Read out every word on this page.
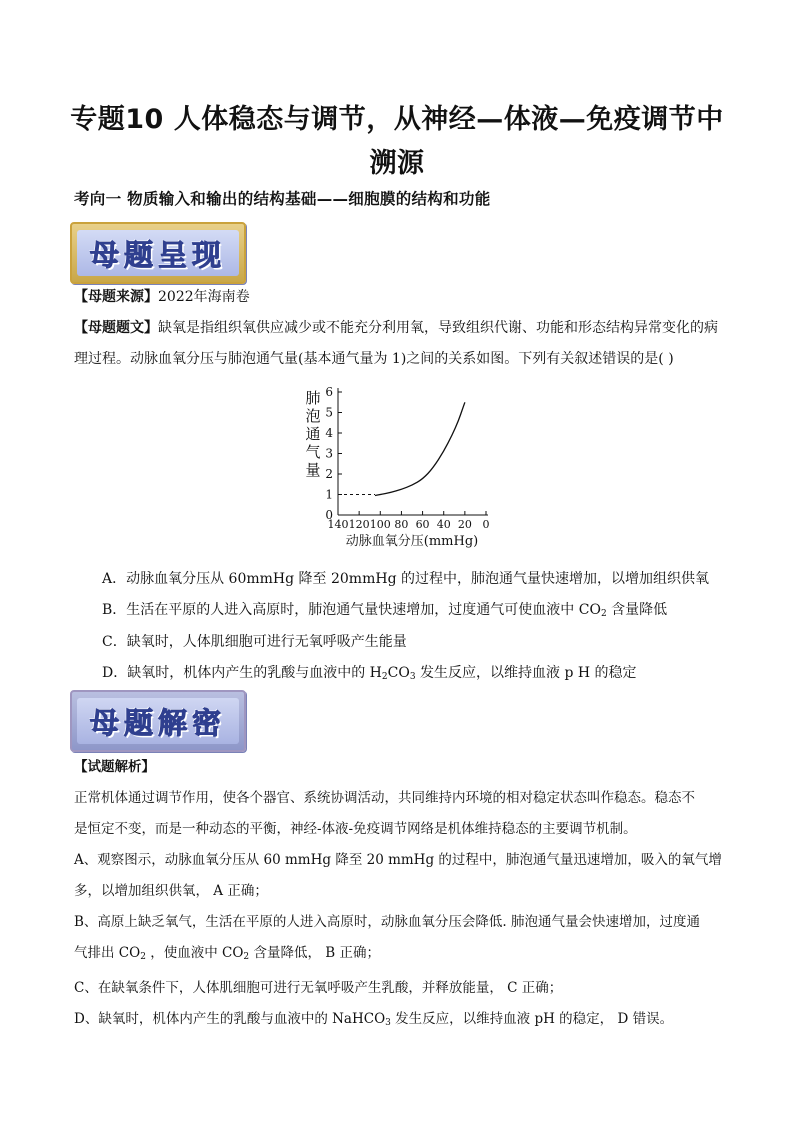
专题10 人体稳态与调节，从神经—体液—免疫调节中
溯源
考向一 物质输入和输出的结构基础——细胞膜的结构和功能
母题呈现
【母题来源】2022年海南卷
【母题题文】缺氧是指组织氧供应减少或不能充分利用氧，导致组织代谢、功能和形态结构异常变化的病
理过程。动脉血氧分压与肺泡通气量(基本通气量为 1)之间的关系如图。下列有关叙述错误的是( )
肺
泡
通
气
量
0
1
2
3
4
5
6
140 120 100 80 60 40 20 0
动脉血氧分压(mmHg)
A．动脉血氧分压从 60mmHg 降至 20mmHg 的过程中，肺泡通气量快速增加，以增加组织供氧
B．生活在平原的人进入高原时，肺泡通气量快速增加，过度通气可使血液中 $CO_2$ 含量降低
C．缺氧时，人体肌细胞可进行无氧呼吸产生能量
D．缺氧时，机体内产生的乳酸与血液中的 $H_2CO_3$ 发生反应，以维持血液 p H 的稳定
母题解密
【试题解析】
正常机体通过调节作用，使各个器官、系统协调活动，共同维持内环境的相对稳定状态叫作稳态。稳态不
是恒定不变，而是一种动态的平衡，神经-体液-免疫调节网络是机体维持稳态的主要调节机制。
A、观察图示，动脉血氧分压从 60 mmHg 降至 20 mmHg 的过程中，肺泡通气量迅速增加，吸入的氧气增
多，以增加组织供氧， A 正确；
B、高原上缺乏氧气，生活在平原的人进入高原时，动脉血氧分压会降低. 肺泡通气量会快速增加，过度通
气排出 $CO_2$ ，使血液中 $CO_2$ 含量降低， B 正确；
C、在缺氧条件下，人体肌细胞可进行无氧呼吸产生乳酸，并释放能量， C 正确；
D、缺氧时，机体内产生的乳酸与血液中的 NaHCO$_3$ 发生反应，以维持血液 pH 的稳定， D 错误。
